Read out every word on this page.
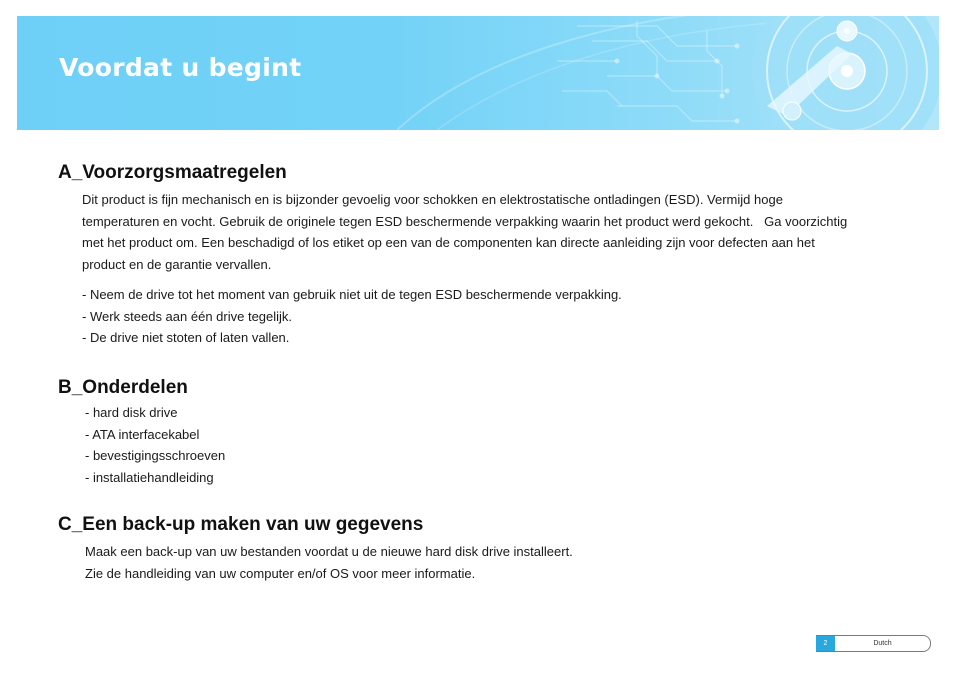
Voordat u begint
A_Voorzorgsmaatregelen

Dit product is fijn mechanisch en is bijzonder gevoelig voor schokken en elektrostatische ontladingen (ESD). Vermijd hoge
temperaturen en vocht. Gebruik de originele tegen ESD beschermende verpakking waarin het product werd gekocht.   Ga voorzichtig
met het product om. Een beschadigd of los etiket op een van de componenten kan directe aanleiding zijn voor defecten aan het
product en de garantie vervallen.

- Neem de drive tot het moment van gebruik niet uit de tegen ESD beschermende verpakking.
- Werk steeds aan één drive tegelijk.
- De drive niet stoten of laten vallen.
B_Onderdelen
- hard disk drive
- ATA interfacekabel
- bevestigingsschroeven
- installatiehandleiding
C_Een back-up maken van uw gegevens

Maak een back-up van uw bestanden voordat u de nieuwe hard disk drive installeert.
Zie de handleiding van uw computer en/of OS voor meer informatie.

2	Dutch
